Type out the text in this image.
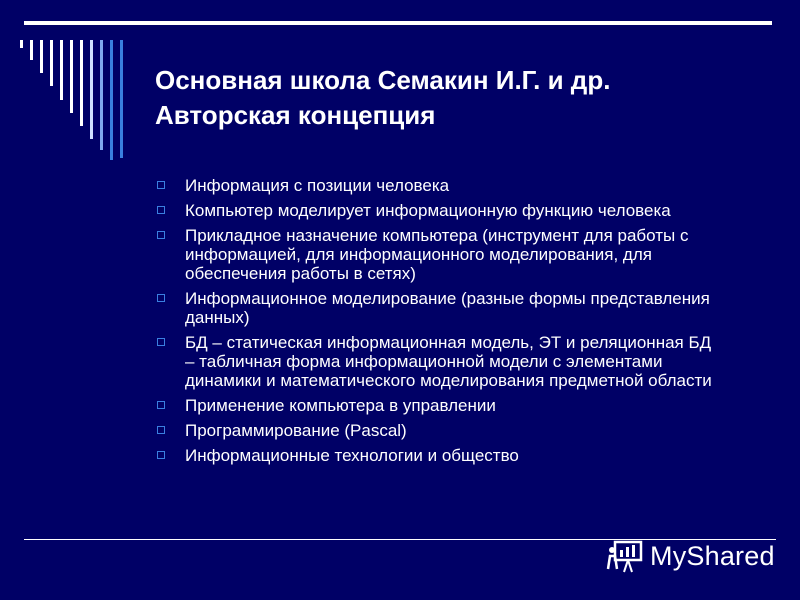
Основная школа Семакин И.Г. и др.
Авторская концепция
Информация с позиции человека
Компьютер моделирует информационную функцию человека
Прикладное назначение компьютера (инструмент для работы с информацией, для информационного моделирования, для обеспечения работы в сетях)
Информационное моделирование (разные формы представления данных)
БД – статическая информационная модель, ЭТ и реляционная БД – табличная форма информационной модели с элементами динамики и математического моделирования предметной области
Применение компьютера в управлении
Программирование (Pascal)
Информационные технологии и общество
MyShared
